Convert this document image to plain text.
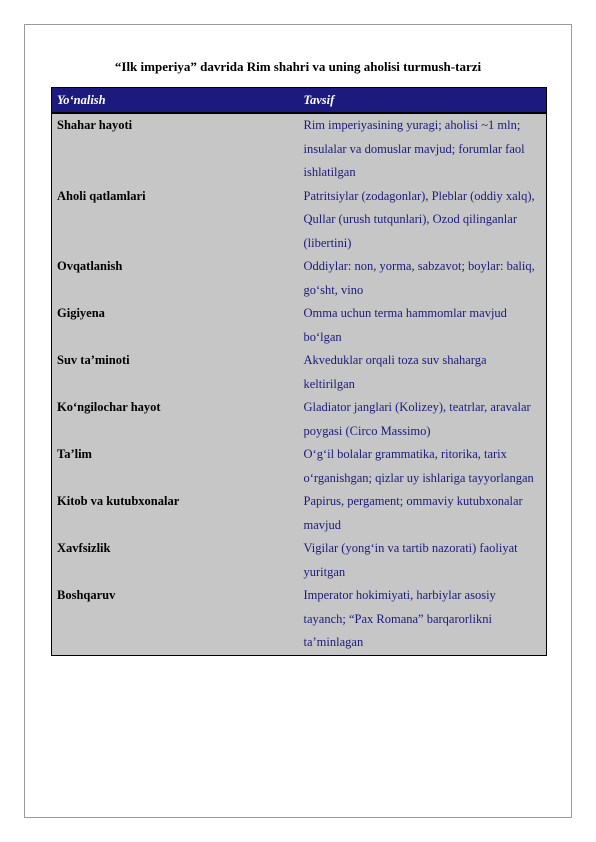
“Ilk imperiya” davrida Rim shahri va uning aholisi turmush-tarzi
Yo‘nalish	Tavsif
Shahar hayoti	Rim imperiyasining yuragi; aholisi ~1 mln; insulalar va domuslar mavjud; forumlar faol ishlatilgan
Aholi qatlamlari	Patritsiylar (zodagonlar), Pleblar (oddiy xalq), Qullar (urush tutqunlari), Ozod qilinganlar (libertini)
Ovqatlanish	Oddiylar: non, yorma, sabzavot; boylar: baliq, go‘sht, vino
Gigiyena	Omma uchun terma hammomlar mavjud bo‘lgan
Suv ta’minoti	Akveduklar orqali toza suv shaharga keltirilgan
Ko‘ngilochar hayot	Gladiator janglari (Kolizey), teatrlar, aravalar poygasi (Circo Massimo)
Ta’lim	O‘g‘il bolalar grammatika, ritorika, tarix o‘rganishgan; qizlar uy ishlariga tayyorlangan
Kitob va kutubxonalar	Papirus, pergament; ommaviy kutubxonalar mavjud
Xavfsizlik	Vigilar (yong‘in va tartib nazorati) faoliyat yuritgan
Boshqaruv	Imperator hokimiyati, harbiylar asosiy tayanch; “Pax Romana” barqarorlikni ta’minlagan
